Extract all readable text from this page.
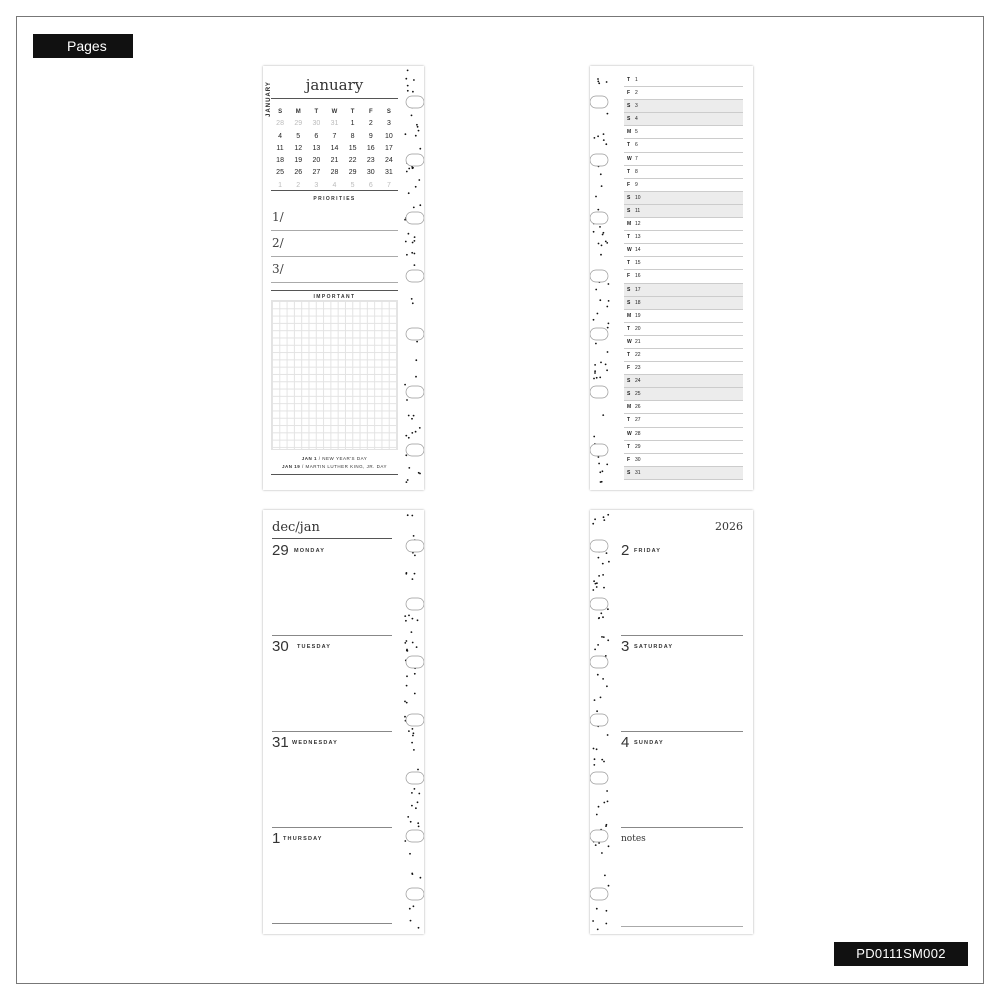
Pages
JANUARY	january
S	M	T	W	T	F	S
28	29	30	31	1	2	3
4	5	6	7	8	9	10
11	12	13	14	15	16	17
18	19	20	21	22	23	24
25	26	27	28	29	30	31
1	2	3	4	5	6	7
PRIORITIES
1/
2/
3/
IMPORTANT
JAN 1 / NEW YEAR'S DAY
JAN 19 / MARTIN LUTHER KING, JR. DAY
T 1
F 2
S 3
S 4
M 5
T 6
W 7
T 8
F 9
S 10
S 11
M 12
T 13
W 14
T 15
F 16
S 17
S 18
M 19
T 20
W 21
T 22
F 23
S 24
S 25
M 26
T 27
W 28
T 29
F 30
S 31
dec/jan
29 MONDAY
30 TUESDAY
31 WEDNESDAY
1 THURSDAY
2026
2 FRIDAY
3 SATURDAY
4 SUNDAY
notes
PD0111SM002
